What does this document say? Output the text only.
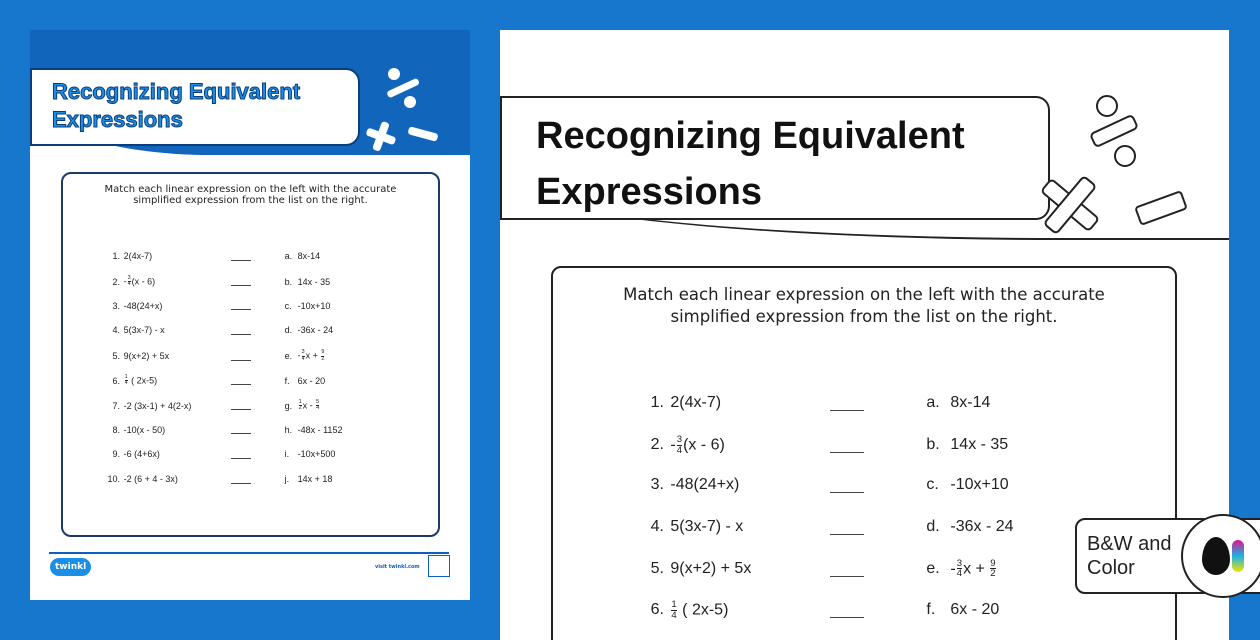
Recognizing Equivalent
Expressions
Match each linear expression on the left with the accurate
simplified expression from the list on the right.
1. 2(4x-7)	a. 8x-14
2. - $\frac{3}{4} (x - 6)$	b. 14x - 35
3. -48(24+x)	c. -10x+10
4. 5(3x-7) - x	d. -36x - 24
5. 9(x+2) + 5x	e. - $\frac{3}{4}$ $x + \frac{9}{2}$
6. $\frac{1}{4}$ ( 2x-5)	f. 6x - 20
7. -2 (3x-1) + 4(2-x)	g.	$\frac{1}{2}$ x - $\frac{5}{4}$
8. -10(x - 50)	h. -48x - 1152
9. -6 (4+6x)	i. -10x+500
10. -2 (6 + 4 - 3x)	j. 14x + 18
twinkl	visit twinkl.com
Recognizing Equivalent
Expressions
Match each linear expression on the left with the accurate
simplified expression from the list on the right.
1. 2(4x-7)	a. 8x-14
2. - $\frac{3}{4} (x - 6)$	b. 14x - 35
3. -48(24+x)	c. -10x+10
4. 5(3x-7) - x	d. -36x - 24
5. 9(x+2) + 5x	e. - $\frac{3}{4}$ $x + \frac{9}{2}$
6. $\frac{1}{4}$ ( 2x-5)	f. 6x - 20
B&W and Color
